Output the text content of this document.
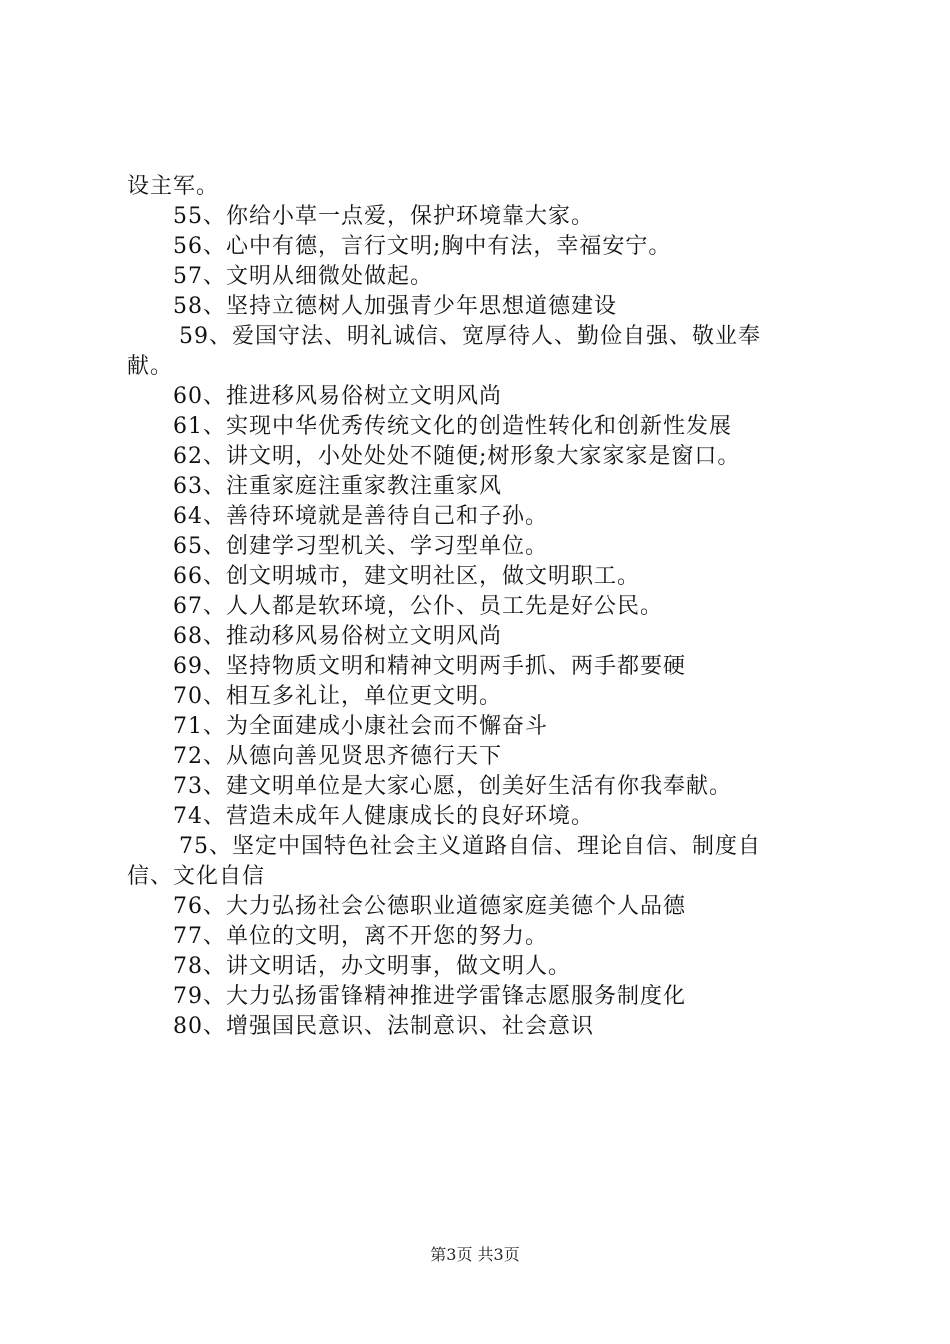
设主军。
55、你给小草一点爱，保护环境靠大家。
56、心中有德，言行文明;胸中有法，幸福安宁。
57、文明从细微处做起。
58、坚持立德树人加强青少年思想道德建设
59、爱国守法、明礼诚信、宽厚待人、勤俭自强、敬业奉
献。
60、推进移风易俗树立文明风尚
61、实现中华优秀传统文化的创造性转化和创新性发展
62、讲文明，小处处处不随便;树形象大家家家是窗口。
63、注重家庭注重家教注重家风
64、善待环境就是善待自己和子孙。
65、创建学习型机关、学习型单位。
66、创文明城市，建文明社区，做文明职工。
67、人人都是软环境，公仆、员工先是好公民。
68、推动移风易俗树立文明风尚
69、坚持物质文明和精神文明两手抓、两手都要硬
70、相互多礼让，单位更文明。
71、为全面建成小康社会而不懈奋斗
72、从德向善见贤思齐德行天下
73、建文明单位是大家心愿，创美好生活有你我奉献。
74、营造未成年人健康成长的良好环境。
75、坚定中国特色社会主义道路自信、理论自信、制度自
信、文化自信
76、大力弘扬社会公德职业道德家庭美德个人品德
77、单位的文明，离不开您的努力。
78、讲文明话，办文明事，做文明人。
79、大力弘扬雷锋精神推进学雷锋志愿服务制度化
80、增强国民意识、法制意识、社会意识
第3页 共3页
